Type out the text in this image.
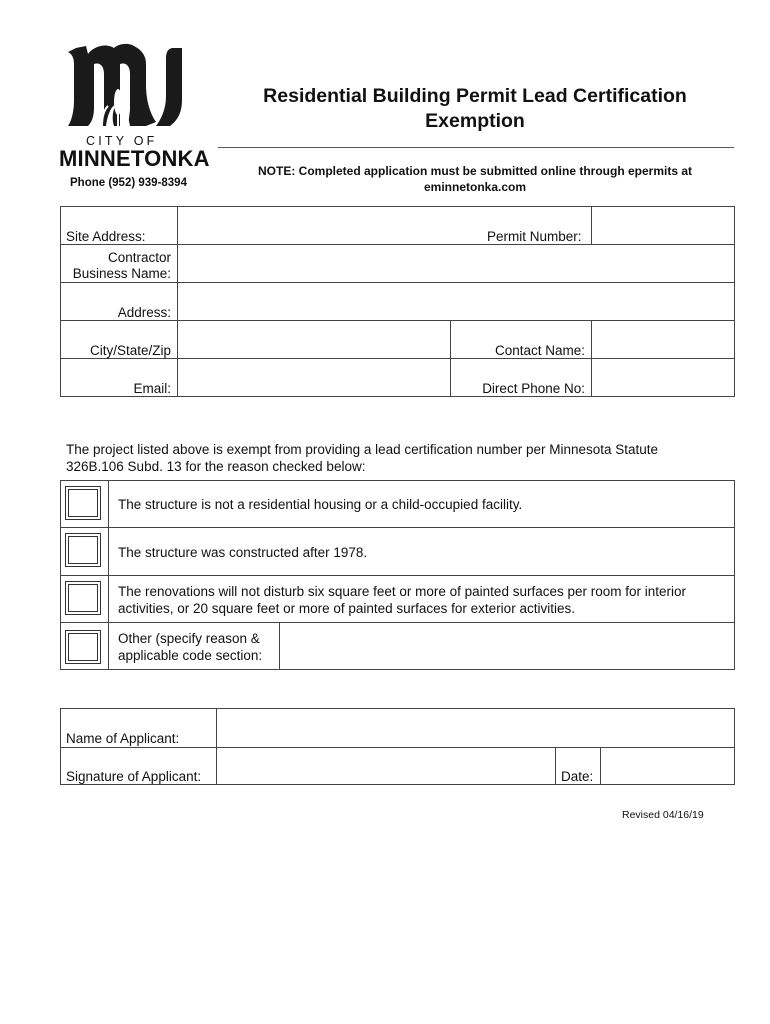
CITY OF
MINNETONKA
Phone (952) 939-8394
Residential Building Permit Lead Certification
Exemption
NOTE: Completed application must be submitted online through epermits at
eminnetonka.com
Site Address:	Permit Number:
Contractor
Business Name:
Address:
City/State/Zip	Contact Name:
Email:	Direct Phone No:
The project listed above is exempt from providing a lead certification number per Minnesota Statute
326B.106 Subd. 13 for the reason checked below:
The structure is not a residential housing or a child-occupied facility.
The structure was constructed after 1978.
The renovations will not disturb six square feet or more of painted surfaces per room for interior
activities, or 20 square feet or more of painted surfaces for exterior activities.
Other (specify reason &
applicable code section:
Name of Applicant:
Signature of Applicant:	Date:
Revised 04/16/19
